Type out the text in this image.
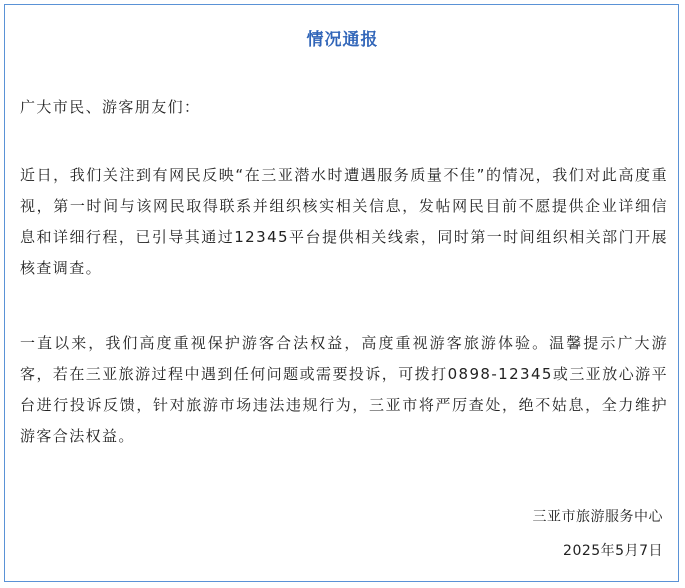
情况通报

广大市民、游客朋友们：

近日，我们关注到有网民反映“在三亚潜水时遭遇服务质量不佳”的情况，我们对此高度重视，第一时间与该网民取得联系并组织核实相关信息，发帖网民目前不愿提供企业详细信息和详细行程，已引导其通过12345平台提供相关线索，同时第一时间组织相关部门开展核查调查。

一直以来，我们高度重视保护游客合法权益，高度重视游客旅游体验。温馨提示广大游客，若在三亚旅游过程中遇到任何问题或需要投诉，可拨打0898-12345或三亚放心游平台进行投诉反馈，针对旅游市场违法违规行为，三亚市将严厉查处，绝不姑息，全力维护游客合法权益。

三亚市旅游服务中心
2025年5月7日
